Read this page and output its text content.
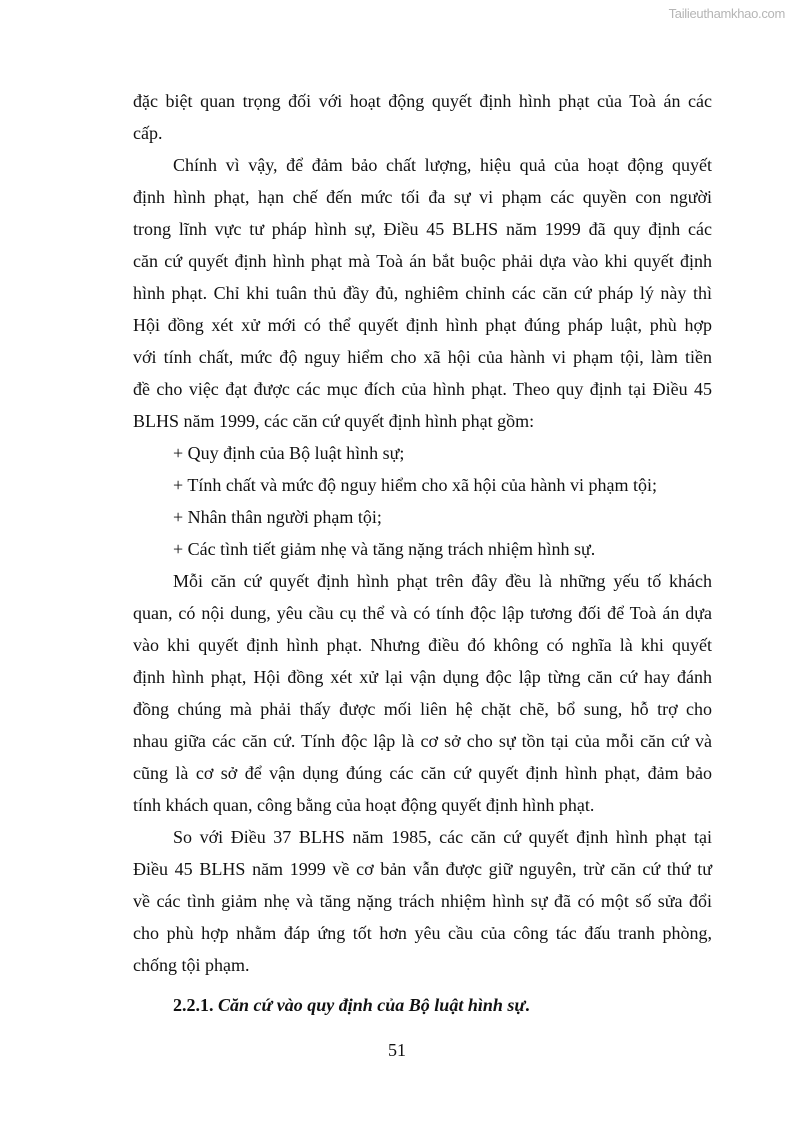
Tailieuthamkhao.com
đặc biệt quan trọng đối với hoạt động quyết định hình phạt của Toà án các
cấp.
Chính vì vậy, để đảm bảo chất lượng, hiệu quả của hoạt động quyết
định hình phạt, hạn chế đến mức tối đa sự vi phạm các quyền con người
trong lĩnh vực tư pháp hình sự, Điều 45 BLHS năm 1999 đã quy định các
căn cứ quyết định hình phạt mà Toà án bắt buộc phải dựa vào khi quyết định
hình phạt. Chỉ khi tuân thủ đầy đủ, nghiêm chỉnh các căn cứ pháp lý này thì
Hội đồng xét xử mới có thể quyết định hình phạt đúng pháp luật, phù hợp
với tính chất, mức độ nguy hiểm cho xã hội của hành vi phạm tội, làm tiền
đề cho việc đạt được các mục đích của hình phạt. Theo quy định tại Điều 45
BLHS năm 1999, các căn cứ quyết định hình phạt gồm:
+ Quy định của Bộ luật hình sự;
+ Tính chất và mức độ nguy hiểm cho xã hội của hành vi phạm tội;
+ Nhân thân người phạm tội;
+ Các tình tiết giảm nhẹ và tăng nặng trách nhiệm hình sự.
Mỗi căn cứ quyết định hình phạt trên đây đều là những yếu tố khách
quan, có nội dung, yêu cầu cụ thể và có tính độc lập tương đối để Toà án dựa
vào khi quyết định hình phạt. Nhưng điều đó không có nghĩa là khi quyết
định hình phạt, Hội đồng xét xử lại vận dụng độc lập từng căn cứ hay đánh
đồng chúng mà phải thấy được mối liên hệ chặt chẽ, bổ sung, hỗ trợ cho
nhau giữa các căn cứ. Tính độc lập là cơ sở cho sự tồn tại của mỗi căn cứ và
cũng là cơ sở để vận dụng đúng các căn cứ quyết định hình phạt, đảm bảo
tính khách quan, công bằng của hoạt động quyết định hình phạt.
So với Điều 37 BLHS năm 1985, các căn cứ quyết định hình phạt tại
Điều 45 BLHS năm 1999 về cơ bản vẫn được giữ nguyên, trừ căn cứ thứ tư
về các tình giảm nhẹ và tăng nặng trách nhiệm hình sự đã có một số sửa đổi
cho phù hợp nhằm đáp ứng tốt hơn yêu cầu của công tác đấu tranh phòng,
chống tội phạm.
2.2.1. Căn cứ vào quy định của Bộ luật hình sự.
51
